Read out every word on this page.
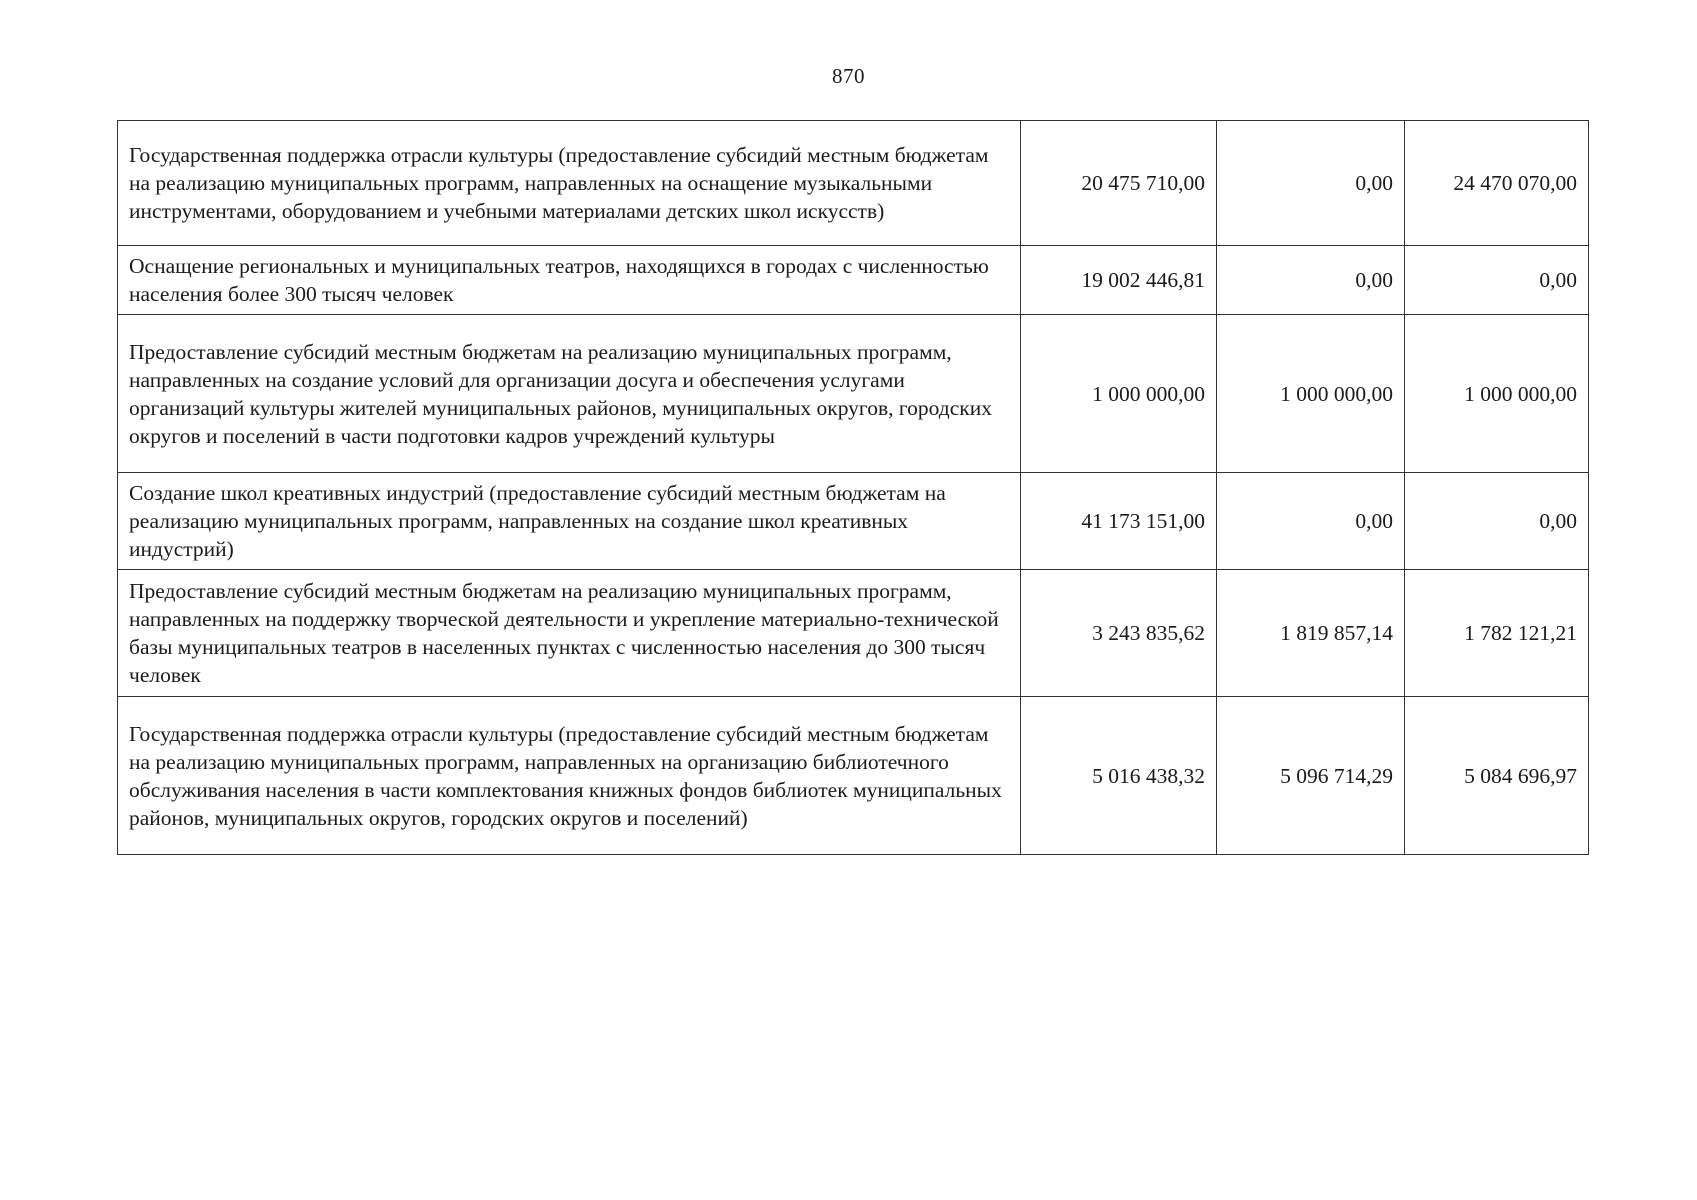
870
Государственная поддержка отрасли культуры (предоставление субсидий местным бюджетам на реализацию муниципальных программ, направленных на оснащение музыкальными инструментами, оборудованием и учебными материалами детских школ искусств)	20 475 710,00	0,00	24 470 070,00
Оснащение региональных и муниципальных театров, находящихся в городах с численностью населения более 300 тысяч человек	19 002 446,81	0,00	0,00
Предоставление субсидий местным бюджетам на реализацию муниципальных программ, направленных на создание условий для организации досуга и обеспечения услугами организаций культуры жителей муниципальных районов, муниципальных округов, городских округов и поселений в части подготовки кадров учреждений культуры	1 000 000,00	1 000 000,00	1 000 000,00
Создание школ креативных индустрий (предоставление субсидий местным бюджетам на реализацию муниципальных программ, направленных на создание школ креативных индустрий)	41 173 151,00	0,00	0,00
Предоставление субсидий местным бюджетам на реализацию муниципальных программ, направленных на поддержку творческой деятельности и укрепление материально-технической базы муниципальных театров в населенных пунктах с численностью населения до 300 тысяч человек	3 243 835,62	1 819 857,14	1 782 121,21
Государственная поддержка отрасли культуры (предоставление субсидий местным бюджетам на реализацию муниципальных программ, направленных на организацию библиотечного обслуживания населения в части комплектования книжных фондов библиотек муниципальных районов, муниципальных округов, городских округов и поселений)	5 016 438,32	5 096 714,29	5 084 696,97
